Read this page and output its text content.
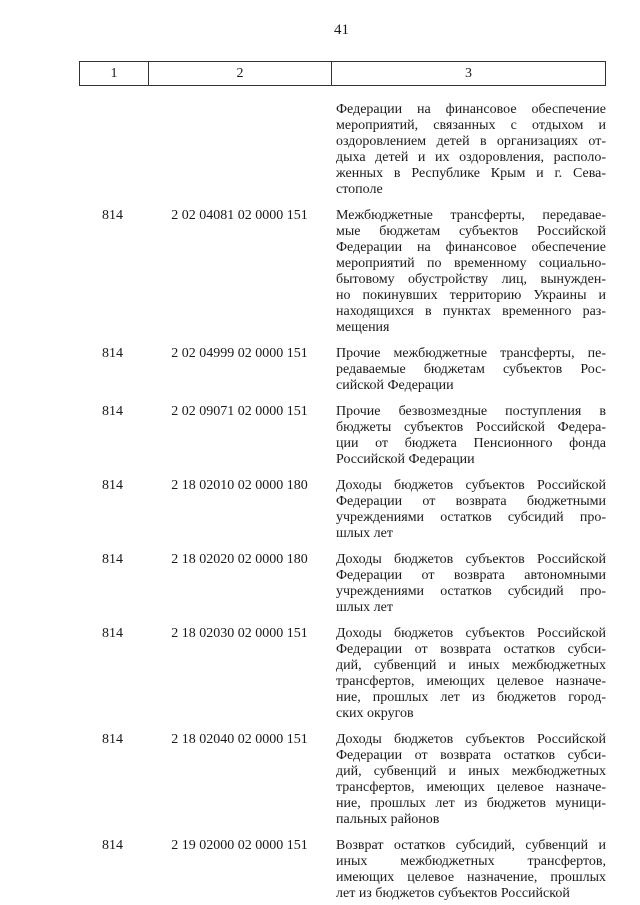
41
1	2	3
Федерации на финансовое обеспечение
мероприятий, связанных с отдыхом и
оздоровлением детей в организациях от-
дыха детей и их оздоровления, располо-
женных в Республике Крым и г. Сева-
стополе
814	2 02 04081 02 0000 151	Межбюджетные трансферты, передавае-
мые бюджетам субъектов Российской
Федерации на финансовое обеспечение
мероприятий по временному социально-
бытовому обустройству лиц, вынужден-
но покинувших территорию Украины и
находящихся в пунктах временного раз-
мещения
814	2 02 04999 02 0000 151	Прочие межбюджетные трансферты, пе-
редаваемые бюджетам субъектов Рос-
сийской Федерации
814	2 02 09071 02 0000 151	Прочие безвозмездные поступления в
бюджеты субъектов Российской Федера-
ции от бюджета Пенсионного фонда
Российской Федерации
814	2 18 02010 02 0000 180	Доходы бюджетов субъектов Российской
Федерации от возврата бюджетными
учреждениями остатков субсидий про-
шлых лет
814	2 18 02020 02 0000 180	Доходы бюджетов субъектов Российской
Федерации от возврата автономными
учреждениями остатков субсидий про-
шлых лет
814	2 18 02030 02 0000 151	Доходы бюджетов субъектов Российской
Федерации от возврата остатков субси-
дий, субвенций и иных межбюджетных
трансфертов, имеющих целевое назначе-
ние, прошлых лет из бюджетов город-
ских округов
814	2 18 02040 02 0000 151	Доходы бюджетов субъектов Российской
Федерации от возврата остатков субси-
дий, субвенций и иных межбюджетных
трансфертов, имеющих целевое назначе-
ние, прошлых лет из бюджетов муници-
пальных районов
814	2 19 02000 02 0000 151	Возврат остатков субсидий, субвенций и
иных межбюджетных трансфертов,
имеющих целевое назначение, прошлых
лет из бюджетов субъектов Российской
